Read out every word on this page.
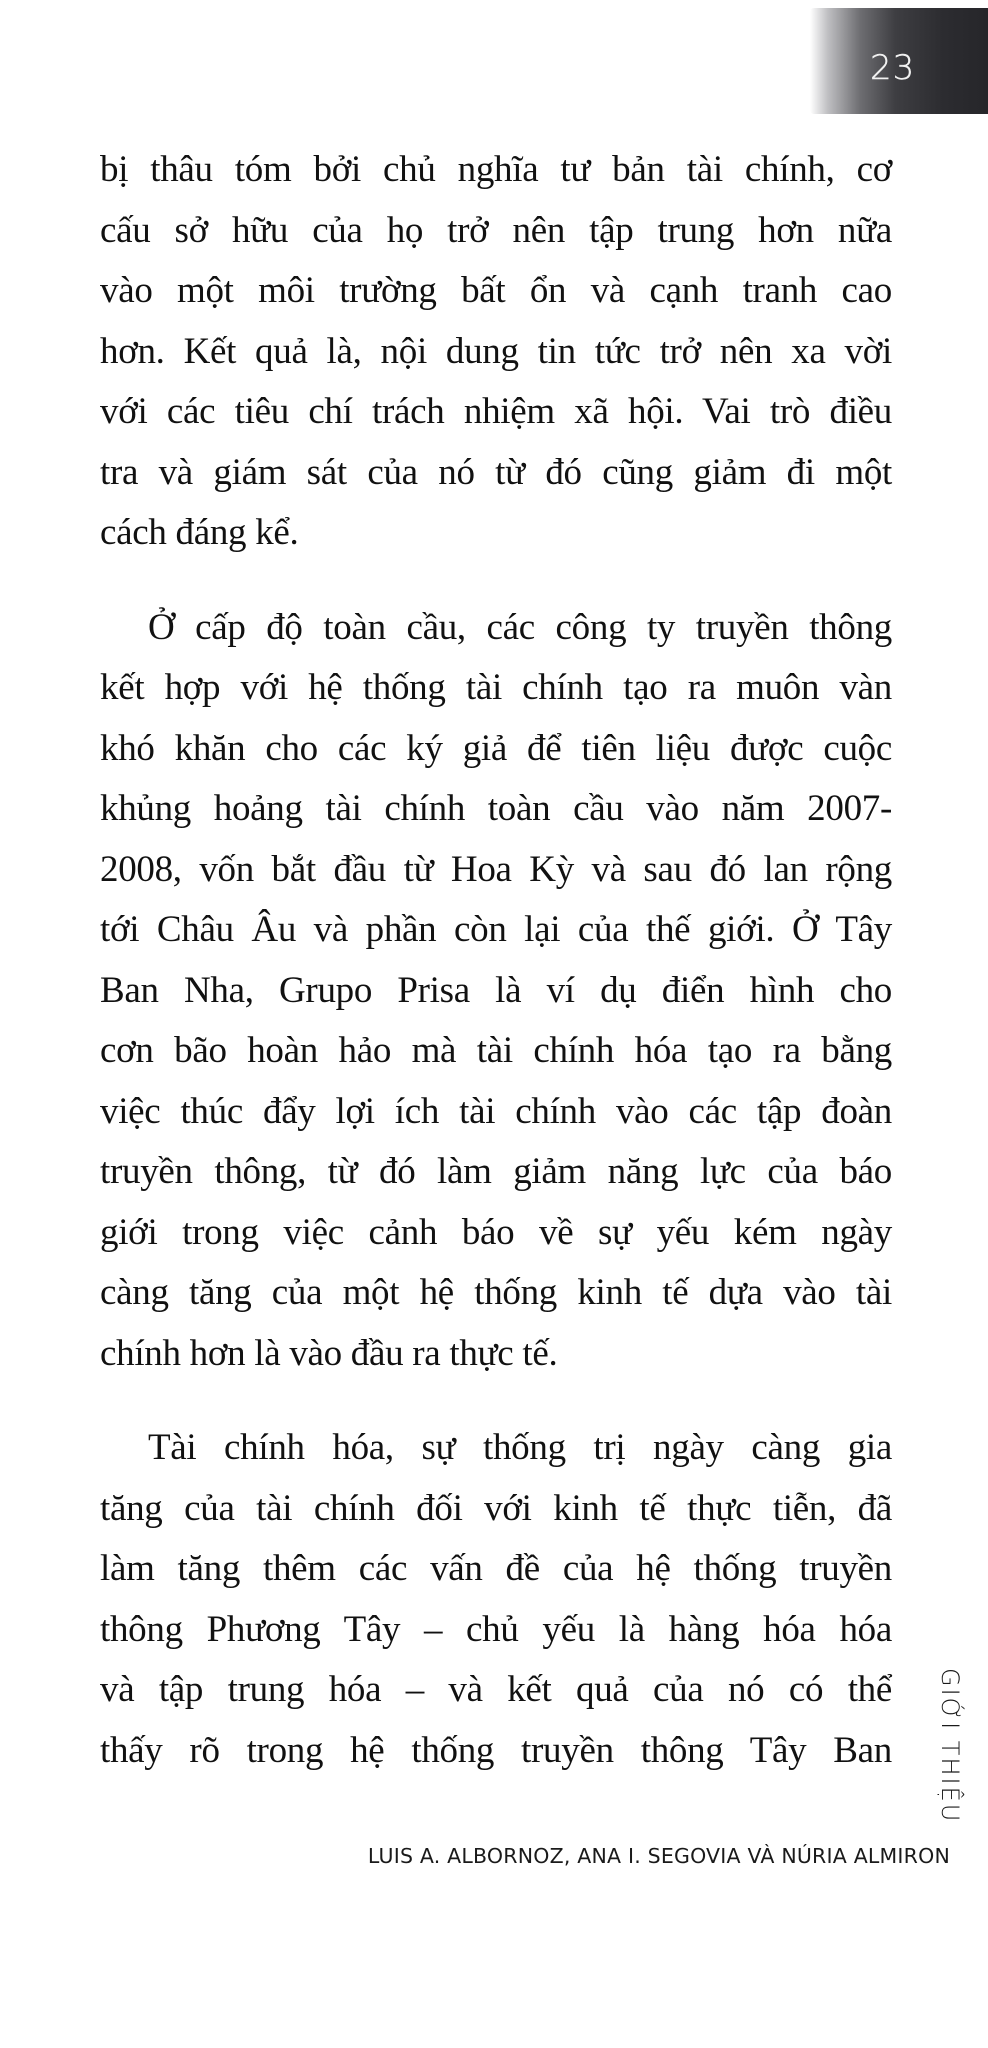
23

bị thâu tóm bởi chủ nghĩa tư bản tài chính, cơ
cấu sở hữu của họ trở nên tập trung hơn nữa
vào một môi trường bất ổn và cạnh tranh cao
hơn. Kết quả là, nội dung tin tức trở nên xa vời
với các tiêu chí trách nhiệm xã hội. Vai trò điều
tra và giám sát của nó từ đó cũng giảm đi một
cách đáng kể.

Ở cấp độ toàn cầu, các công ty truyền thông
kết hợp với hệ thống tài chính tạo ra muôn vàn
khó khăn cho các ký giả để tiên liệu được cuộc
khủng hoảng tài chính toàn cầu vào năm 2007-
2008, vốn bắt đầu từ Hoa Kỳ và sau đó lan rộng
tới Châu Âu và phần còn lại của thế giới. Ở Tây
Ban Nha, Grupo Prisa là ví dụ điển hình cho
cơn bão hoàn hảo mà tài chính hóa tạo ra bằng
việc thúc đẩy lợi ích tài chính vào các tập đoàn
truyền thông, từ đó làm giảm năng lực của báo
giới trong việc cảnh báo về sự yếu kém ngày
càng tăng của một hệ thống kinh tế dựa vào tài
chính hơn là vào đầu ra thực tế.

Tài chính hóa, sự thống trị ngày càng gia
tăng của tài chính đối với kinh tế thực tiễn, đã
làm tăng thêm các vấn đề của hệ thống truyền
thông Phương Tây – chủ yếu là hàng hóa hóa
và tập trung hóa – và kết quả của nó có thể
thấy rõ trong hệ thống truyền thông Tây Ban GIỚI THIỆU
LUIS A. ALBORNOZ, ANA I. SEGOVIA VÀ NÚRIA ALMIRON
